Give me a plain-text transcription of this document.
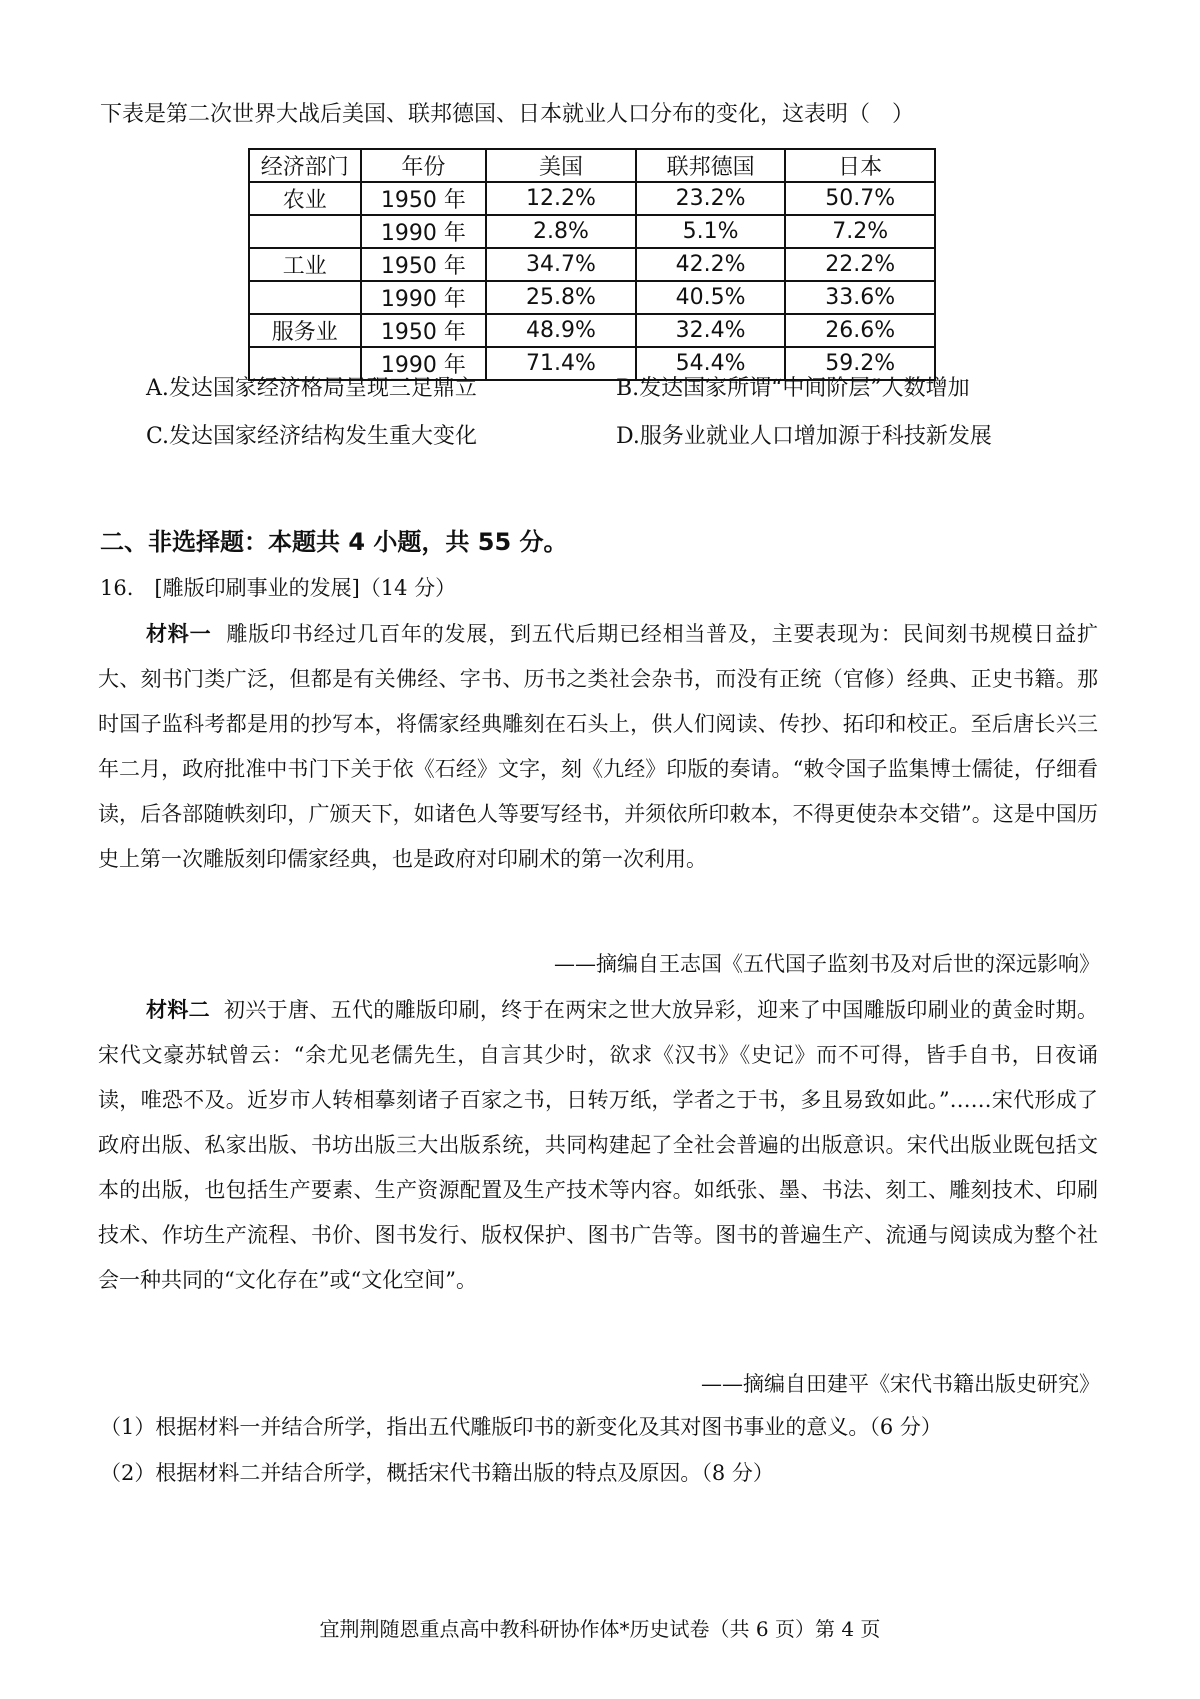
下表是第二次世界大战后美国、联邦德国、日本就业人口分布的变化，这表明（　）
经济部门	年份	美国	联邦德国	日本
农业	1950 年	12.2%	23.2%	50.7%
	1990 年	2.8%	5.1%	7.2%
工业	1950 年	34.7%	42.2%	22.2%
	1990 年	25.8%	40.5%	33.6%
服务业	1950 年	48.9%	32.4%	26.6%
	1990 年	71.4%	54.4%	59.2%
A.发达国家经济格局呈现三足鼎立	B.发达国家所谓“中间阶层”人数增加
C.发达国家经济结构发生重大变化	D.服务业就业人口增加源于科技新发展
二、非选择题：本题共 4 小题，共 55 分。
16.　[雕版印刷事业的发展]（14 分）
材料一 雕版印书经过几百年的发展，到五代后期已经相当普及，主要表现为：民间刻书规模日益扩大、刻书门类广泛，但都是有关佛经、字书、历书之类社会杂书，而没有正统（官修）经典、正史书籍。那时国子监科考都是用的抄写本，将儒家经典雕刻在石头上，供人们阅读、传抄、拓印和校正。至后唐长兴三年二月，政府批准中书门下关于依《石经》文字，刻《九经》印版的奏请。“敕令国子监集博士儒徒，仔细看读，后各部随帙刻印，广颁天下，如诸色人等要写经书，并须依所印敕本，不得更使杂本交错”。这是中国历史上第一次雕版刻印儒家经典，也是政府对印刷术的第一次利用。
——摘编自王志国《五代国子监刻书及对后世的深远影响》
材料二 初兴于唐、五代的雕版印刷，终于在两宋之世大放异彩，迎来了中国雕版印刷业的黄金时期。宋代文豪苏轼曾云：“余尤见老儒先生，自言其少时，欲求《汉书》《史记》而不可得，皆手自书，日夜诵读，唯恐不及。近岁市人转相摹刻诸子百家之书，日转万纸，学者之于书，多且易致如此。”……宋代形成了政府出版、私家出版、书坊出版三大出版系统，共同构建起了全社会普遍的出版意识。宋代出版业既包括文本的出版，也包括生产要素、生产资源配置及生产技术等内容。如纸张、墨、书法、刻工、雕刻技术、印刷技术、作坊生产流程、书价、图书发行、版权保护、图书广告等。图书的普遍生产、流通与阅读成为整个社会一种共同的“文化存在”或“文化空间”。
——摘编自田建平《宋代书籍出版史研究》
（1）根据材料一并结合所学，指出五代雕版印书的新变化及其对图书事业的意义。（6 分）
（2）根据材料二并结合所学，概括宋代书籍出版的特点及原因。（8 分）
宜荆荆随恩重点高中教科研协作体*历史试卷（共 6 页）第 4 页
